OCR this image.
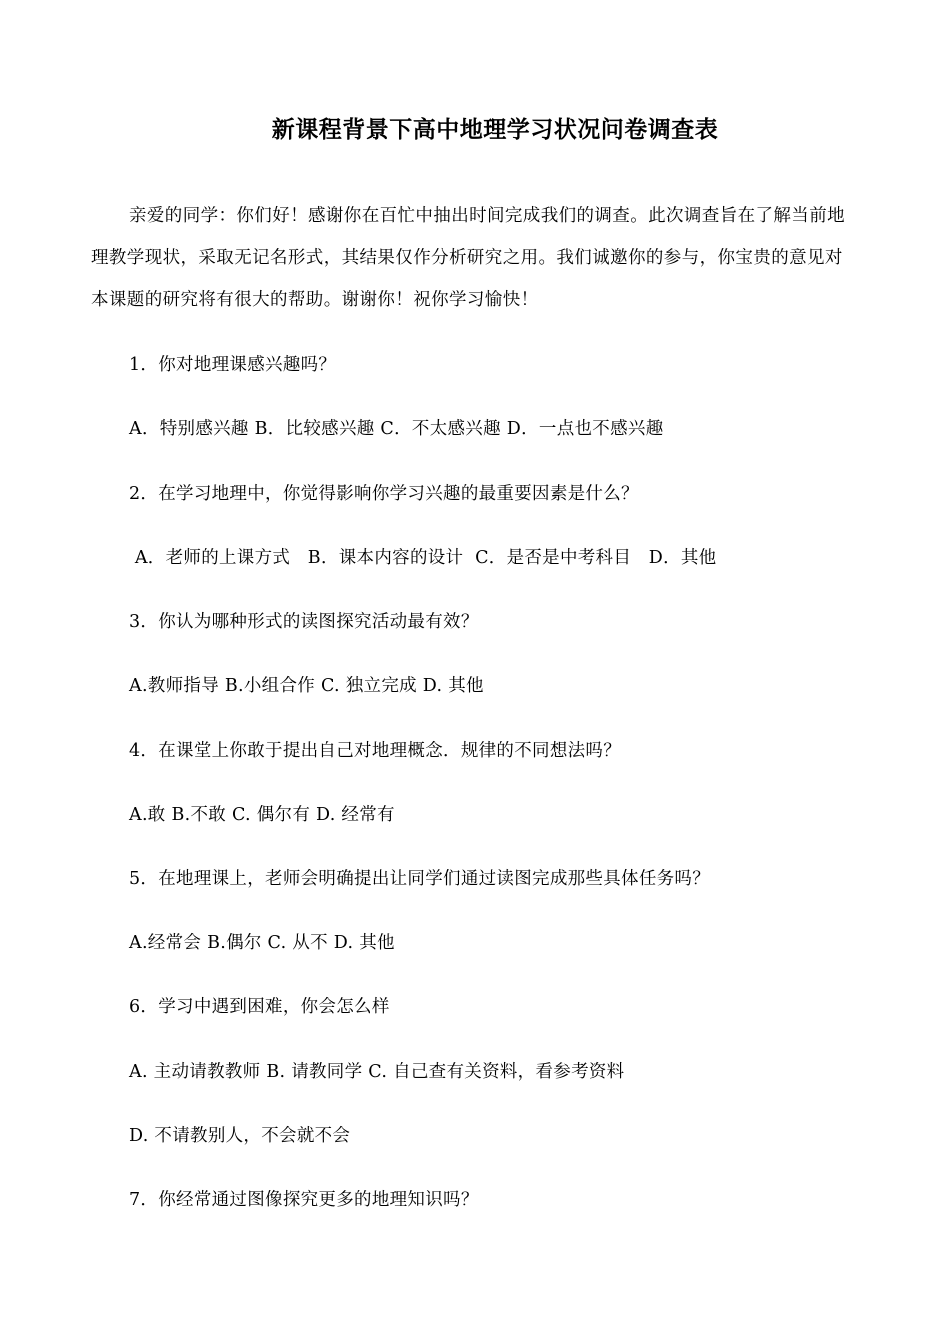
新课程背景下高中地理学习状况问卷调查表

亲爱的同学：你们好！感谢你在百忙中抽出时间完成我们的调查。此次调查旨在了解当前地理教学现状，采取无记名形式，其结果仅作分析研究之用。我们诚邀你的参与，你宝贵的意见对本课题的研究将有很大的帮助。谢谢你！祝你学习愉快！

1．你对地理课感兴趣吗？
A．特别感兴趣 B．比较感兴趣 C．不太感兴趣 D．一点也不感兴趣
2．在学习地理中，你觉得影响你学习兴趣的最重要因素是什么？
A．老师的上课方式   B．课本内容的设计  C．是否是中考科目   D．其他
3．你认为哪种形式的读图探究活动最有效？
A.教师指导 B.小组合作 C. 独立完成 D. 其他
4．在课堂上你敢于提出自己对地理概念．规律的不同想法吗？
A.敢 B.不敢 C. 偶尔有 D. 经常有
5．在地理课上，老师会明确提出让同学们通过读图完成那些具体任务吗？
A.经常会 B.偶尔 C. 从不 D. 其他
6．学习中遇到困难，你会怎么样
A. 主动请教教师 B. 请教同学 C. 自己查有关资料，看参考资料
D. 不请教别人，不会就不会
7．你经常通过图像探究更多的地理知识吗？
